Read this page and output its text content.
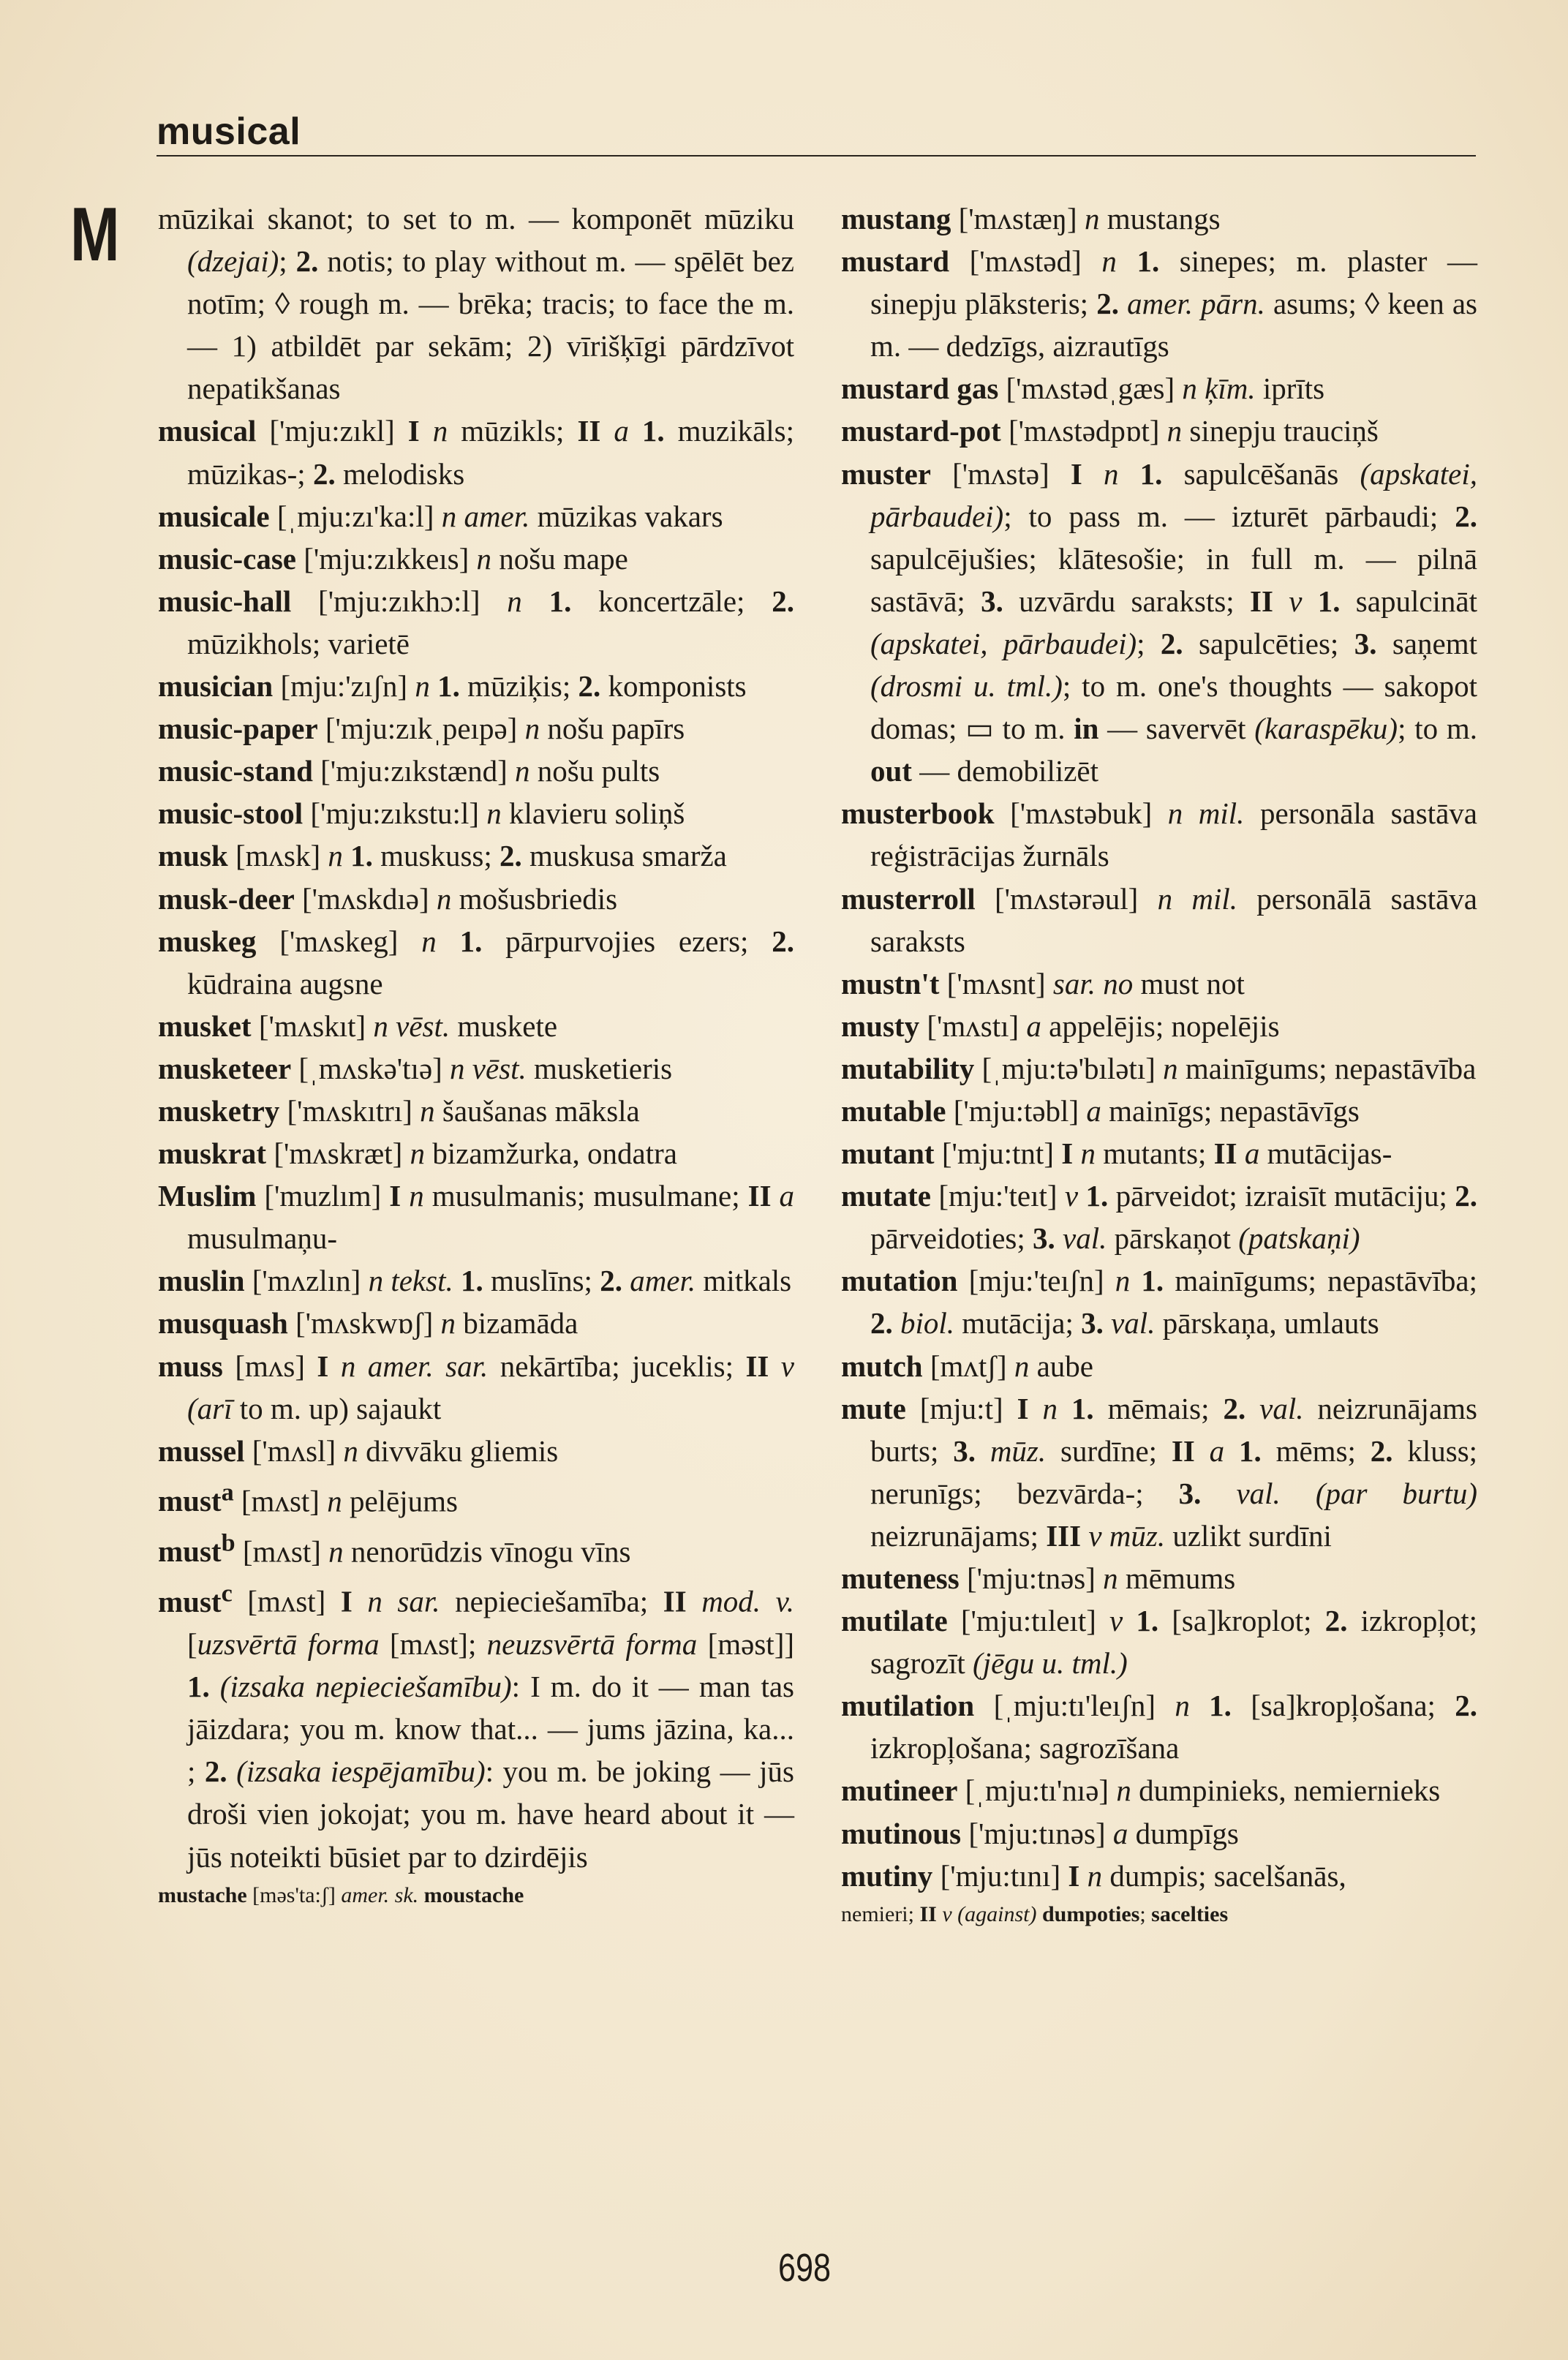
musical
M mūzikai skanot; to set to m. — komponēt mūziku (dzejai); 2. notis; to play without m. — spēlēt bez notīm; ◊ rough m. — brēka; tracis; to face the m. — 1) atbildēt par sekām; 2) vīrišķīgi pārdzīvot nepatikšanas
musical ['mju:zıkl] I n mūzikls; II a 1. muzikāls; mūzikas-; 2. melodisks
musicale [ˌmju:zı'ka:l] n amer. mūzikas vakars
music-case ['mju:zıkkeıs] n nošu mape
music-hall ['mju:zıkhɔ:l] n 1. koncertzāle; 2. mūzikhols; varietē
musician [mju:'zıʃn] n 1. mūziķis; 2. komponists
music-paper ['mju:zıkˌpeıpə] n nošu papīrs
music-stand ['mju:zıkstænd] n nošu pults
music-stool ['mju:zıkstu:l] n klavieru soliņš
musk [mʌsk] n 1. muskuss; 2. muskusa smarža
musk-deer ['mʌskdıə] n mošusbriedis
muskeg ['mʌskeg] n 1. pārpurvojies ezers; 2. kūdraina augsne
musket ['mʌskıt] n vēst. muskete
musketeer [ˌmʌskə'tıə] n vēst. musketieris
musketry ['mʌskıtrı] n šaušanas māksla
muskrat ['mʌskræt] n bizamžurka, ondatra
Muslim ['muzlım] I n musulmanis; musulmane; II a musulmaņu-
muslin ['mʌzlın] n tekst. 1. muslīns; 2. amer. mitkals
musquash ['mʌskwɒʃ] n bizamāda
muss [mʌs] I n amer. sar. nekārtība; juceklis; II v (arī to m. up) sajaukt
mussel ['mʌsl] n divvāku gliemis
must$^a$ [mʌst] n pelējums
must$^b$ [mʌst] n nenorūdzis vīnogu vīns
must$^c$ [mʌst] I n sar. nepieciešamība; II mod. v. [uzsvērtā forma [mʌst]; neuzsvērtā forma [məst]] 1. (izsaka nepieciešamību): I m. do it — man tas jāizdara; you m. know that... — jums jāzina, ka... ; 2. (izsaka iespējamību): you m. be joking — jūs droši vien jokojat; you m. have heard about it — jūs noteikti būsiet par to dzirdējis
mustache [məs'ta:ʃ] amer. sk. moustache
mustang ['mʌstæŋ] n mustangs
mustard ['mʌstəd] n 1. sinepes; m. plaster — sinepju plāksteris; 2. amer. pārn. asums; ◊ keen as m. — dedzīgs, aizrautīgs
mustard gas ['mʌstədˌgæs] n ķīm. iprīts
mustard-pot ['mʌstədpɒt] n sinepju trauciņš
muster ['mʌstə] I n 1. sapulcēšanās (apskatei, pārbaudei); to pass m. — izturēt pārbaudi; 2. sapulcējušies; klātesošie; in full m. — pilnā sastāvā; 3. uzvārdu saraksts; II v 1. sapulcināt (apskatei, pārbaudei); 2. sapulcēties; 3. saņemt (drosmi u. tml.); to m. one's thoughts — sakopot domas; ▭ to m. in — savervēt (karaspēku); to m. out — demobilizēt
musterbook ['mʌstəbuk] n mil. personāla sastāva reģistrācijas žurnāls
musterroll ['mʌstərəul] n mil. personālā sastāva saraksts
mustn't ['mʌsnt] sar. no must not
musty ['mʌstı] a appelējis; nopelējis
mutability [ˌmju:tə'bılətı] n mainīgums; nepastāvība
mutable ['mju:təbl] a mainīgs; nepastāvīgs
mutant ['mju:tnt] I n mutants; II a mutācijas-
mutate [mju:'teıt] v 1. pārveidot; izraisīt mutāciju; 2. pārveidoties; 3. val. pārskaņot (patskaņi)
mutation [mju:'teıʃn] n 1. mainīgums; nepastāvība; 2. biol. mutācija; 3. val. pārskaņa, umlauts
mutch [mʌtʃ] n aube
mute [mju:t] I n 1. mēmais; 2. val. neizrunājams burts; 3. mūz. surdīne; II a 1. mēms; 2. kluss; nerunīgs; bezvārda-; 3. val. (par burtu) neizrunājams; III v mūz. uzlikt surdīni
muteness ['mju:tnəs] n mēmums
mutilate ['mju:tıleıt] v 1. [sa]kroplot; 2. izkropļot; sagrozīt (jēgu u. tml.)
mutilation [ˌmju:tı'leıʃn] n 1. [sa]kropļošana; 2. izkropļošana; sagrozīšana
mutineer [ˌmju:tı'nıə] n dumpinieks, nemiernieks
mutinous ['mju:tınəs] a dumpīgs
mutiny ['mju:tını] I n dumpis; sacelšanās,
nemieri; II v (against) dumpoties; sacelties
698
